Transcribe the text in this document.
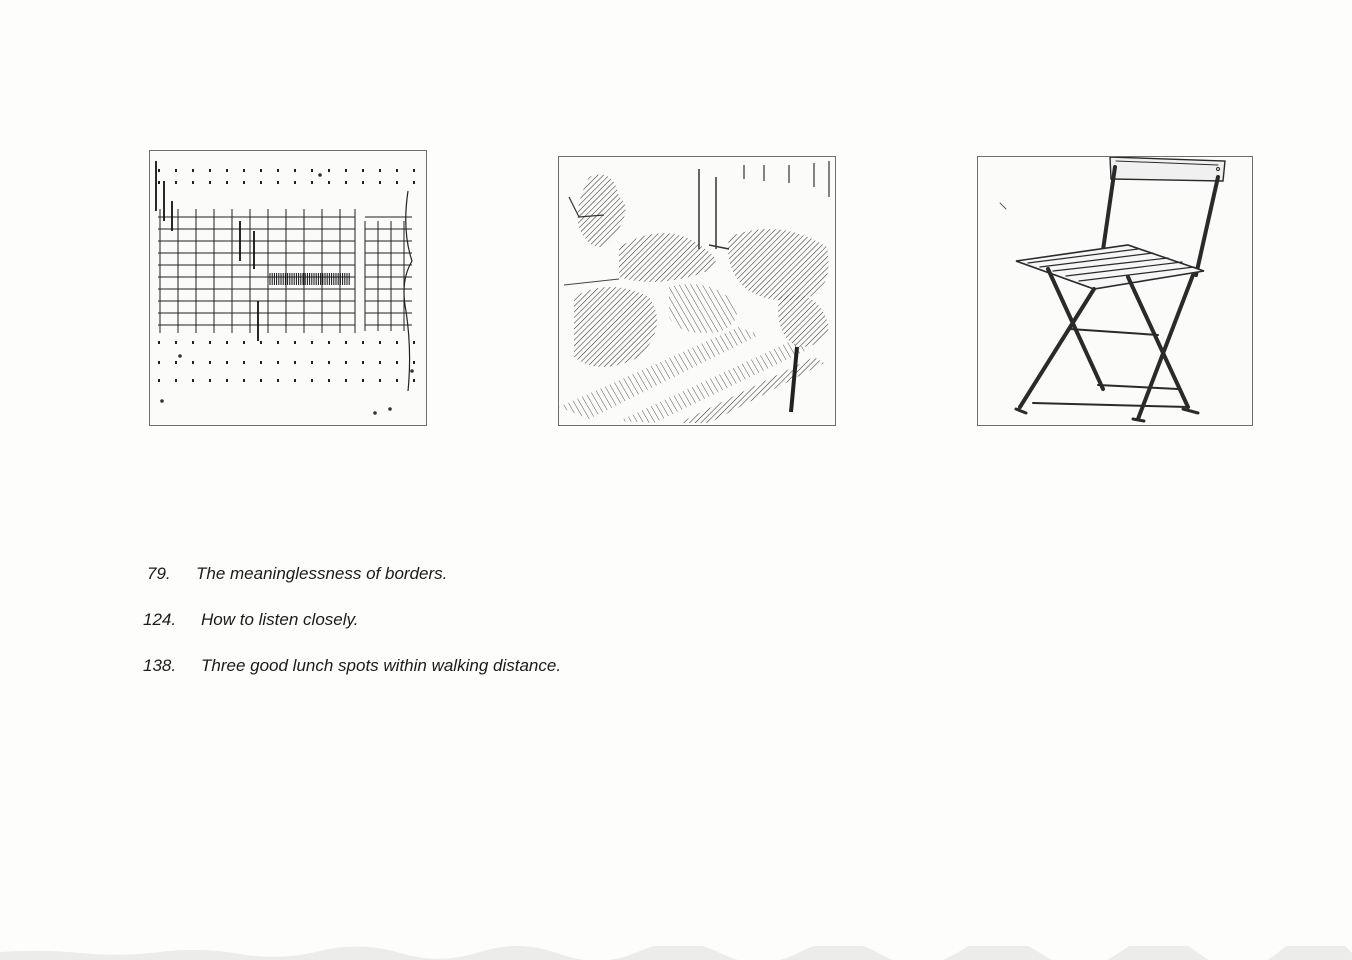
79. The meaninglessness of borders.
124. How to listen closely.
138. Three good lunch spots within walking distance.
